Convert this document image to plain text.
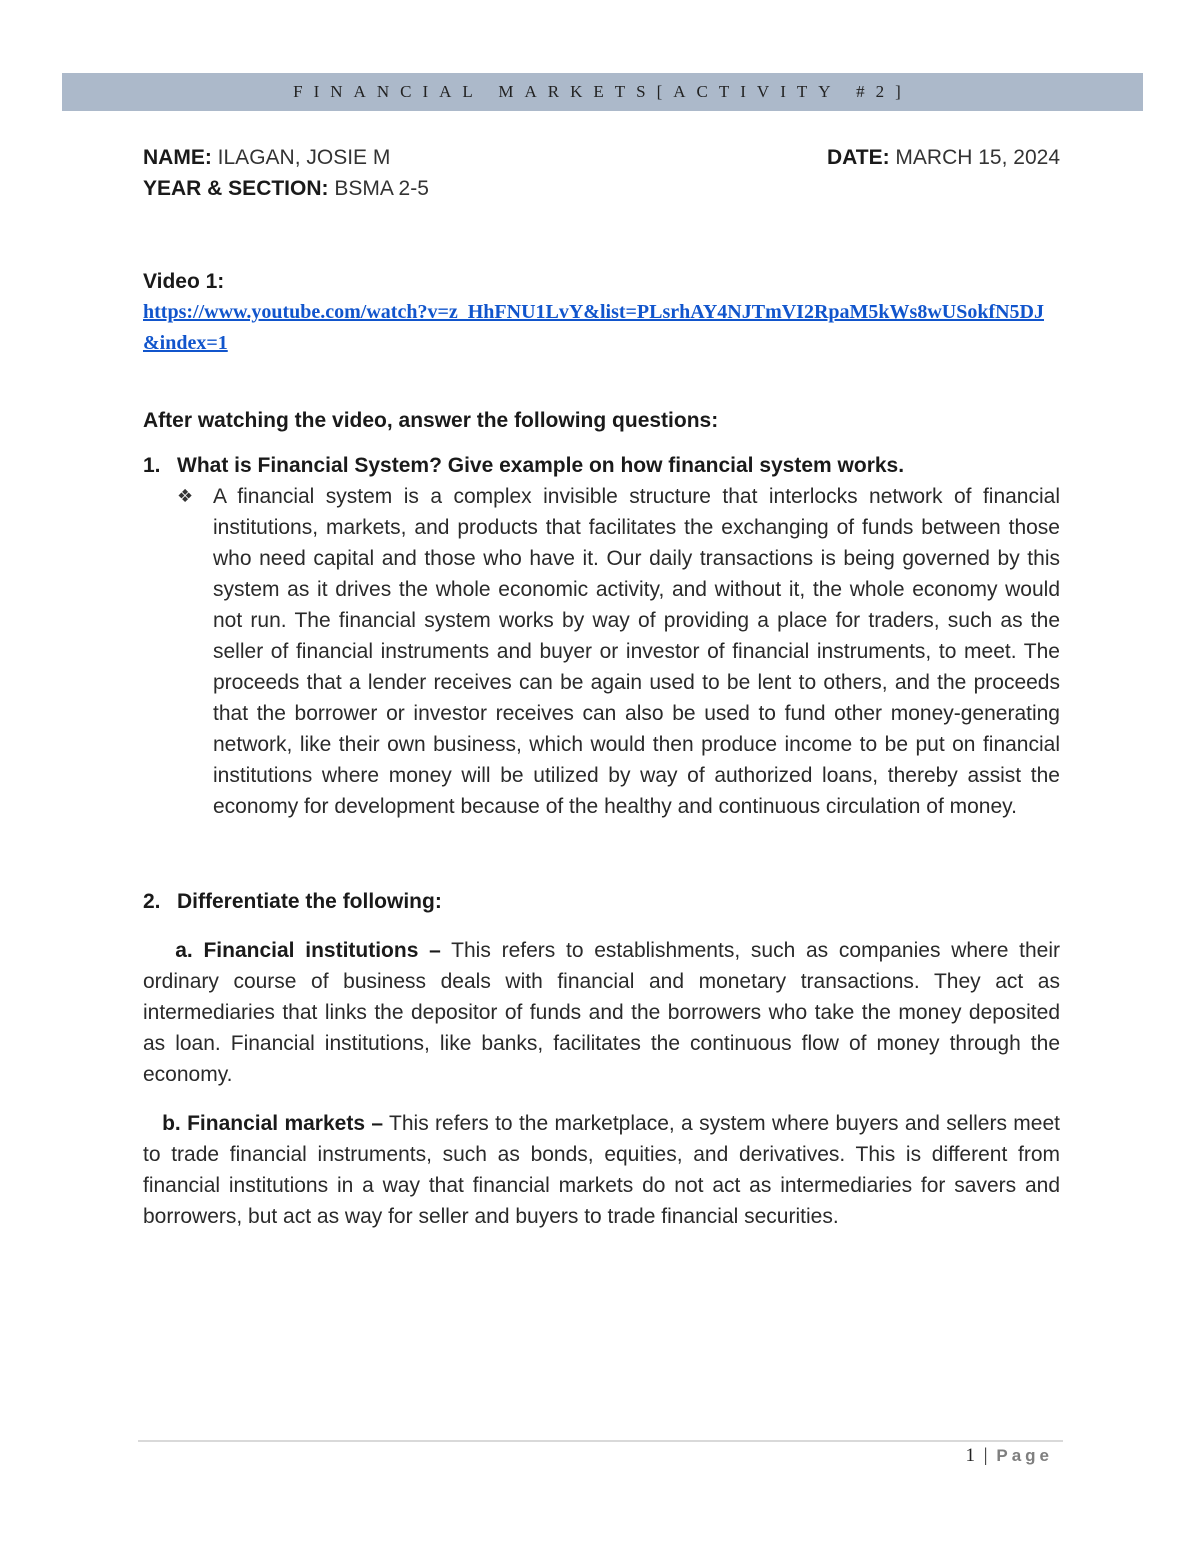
FINANCIAL MARKETS[ACTIVITY #2]
NAME: ILAGAN, JOSIE M	DATE: MARCH 15, 2024
YEAR & SECTION: BSMA 2-5
Video 1:
https://www.youtube.com/watch?v=z_HhFNU1LvY&list=PLsrhAY4NJTmVI2RpaM5kWs8wUSokfN5DJ&index=1
After watching the video, answer the following questions:
1. What is Financial System? Give example on how financial system works.
❖ A financial system is a complex invisible structure that interlocks network of financial institutions, markets, and products that facilitates the exchanging of funds between those who need capital and those who have it. Our daily transactions is being governed by this system as it drives the whole economic activity, and without it, the whole economy would not run. The financial system works by way of providing a place for traders, such as the seller of financial instruments and buyer or investor of financial instruments, to meet. The proceeds that a lender receives can be again used to be lent to others, and the proceeds that the borrower or investor receives can also be used to fund other money-generating network, like their own business, which would then produce income to be put on financial institutions where money will be utilized by way of authorized loans, thereby assist the economy for development because of the healthy and continuous circulation of money.
2. Differentiate the following:
a. Financial institutions – This refers to establishments, such as companies where their ordinary course of business deals with financial and monetary transactions. They act as intermediaries that links the depositor of funds and the borrowers who take the money deposited as loan. Financial institutions, like banks, facilitates the continuous flow of money through the economy.
b. Financial markets – This refers to the marketplace, a system where buyers and sellers meet to trade financial instruments, such as bonds, equities, and derivatives. This is different from financial institutions in a way that financial markets do not act as intermediaries for savers and borrowers, but act as way for seller and buyers to trade financial securities.
1 | Page
